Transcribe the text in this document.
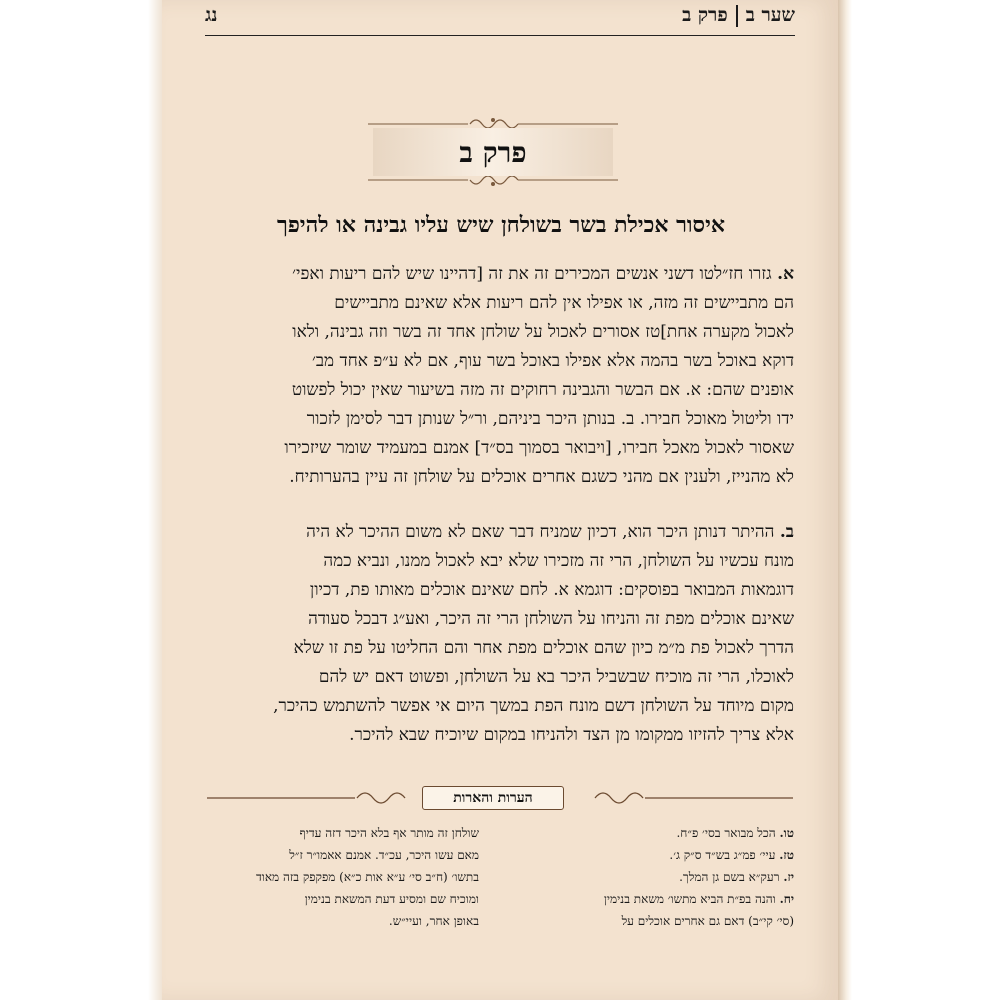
שער בפרק ב
נג
פרק ב
איסור אכילת בשר בשולחן שיש עליו גבינה או להיפך
א. גזרו חז״לטו דשני אנשים המכירים זה את זה [דהיינו שיש להם ריעות ואפי׳
הם מתביישים זה מזה, או אפילו אין להם ריעות אלא שאינם מתביישים
לאכול מקערה אחת]טז אסורים לאכול על שולחן אחד זה בשר וזה גבינה, ולאו
דוקא באוכל בשר בהמה אלא אפילו באוכל בשר עוף, אם לא ע״פ אחד מב׳
אופנים שהם: א. אם הבשר והגבינה רחוקים זה מזה בשיעור שאין יכול לפשוט
ידו וליטול מאוכל חבירו. ב. בנותן היכר ביניהם, ור״ל שנותן דבר לסימן לזכור
שאסור לאכול מאכל חבירו, [ויבואר בסמוך בס״ד] אמנם במעמיד שומר שיזכירו
לא מהנייז, ולענין אם מהני כשגם אחרים אוכלים על שולחן זה עיין בהערותיח.
ב. ההיתר דנותן היכר הוא, דכיון שמניח דבר שאם לא משום ההיכר לא היה
מונח עכשיו על השולחן, הרי זה מזכירו שלא יבא לאכול ממנו, ונביא כמה
דוגמאות המבואר בפוסקים: דוגמא א. לחם שאינם אוכלים מאותו פת, דכיון
שאינם אוכלים מפת זה והניחו על השולחן הרי זה היכר, ואע״ג דבכל סעודה
הדרך לאכול פת מ״מ כיון שהם אוכלים מפת אחר והם החליטו על פת זו שלא
לאוכלו, הרי זה מוכיח שבשביל היכר בא על השולחן, ופשוט דאם יש להם
מקום מיוחד על השולחן דשם מונח הפת במשך היום אי אפשר להשתמש כהיכר,
אלא צריך להזיזו ממקומו מן הצד ולהניחו במקום שיוכיח שבא להיכר.
הערות והארות
טו. הכל מבואר בסי׳ פ״ח.
טז. עיי׳ פמ״ג בש״ד ס״ק ג׳.
יז. רעק״א בשם גן המלך.
יח. והנה בפ״ת הביא מתשו׳ משאת בנימין
(סי׳ קי״ב) דאם גם אחרים אוכלים על
שולחן זה מותר אף בלא היכר דזה עדיף
מאם עשו היכר, עכ״ד. אמנם אאמו״ר ז״ל
בתשו׳ (ח״ב סי׳ ע״א אות כ״א) מפקפק בזה מאוד
ומוכיח שם ומסיע דעת המשאת בנימין
באופן אחר, ועיי״ש.
